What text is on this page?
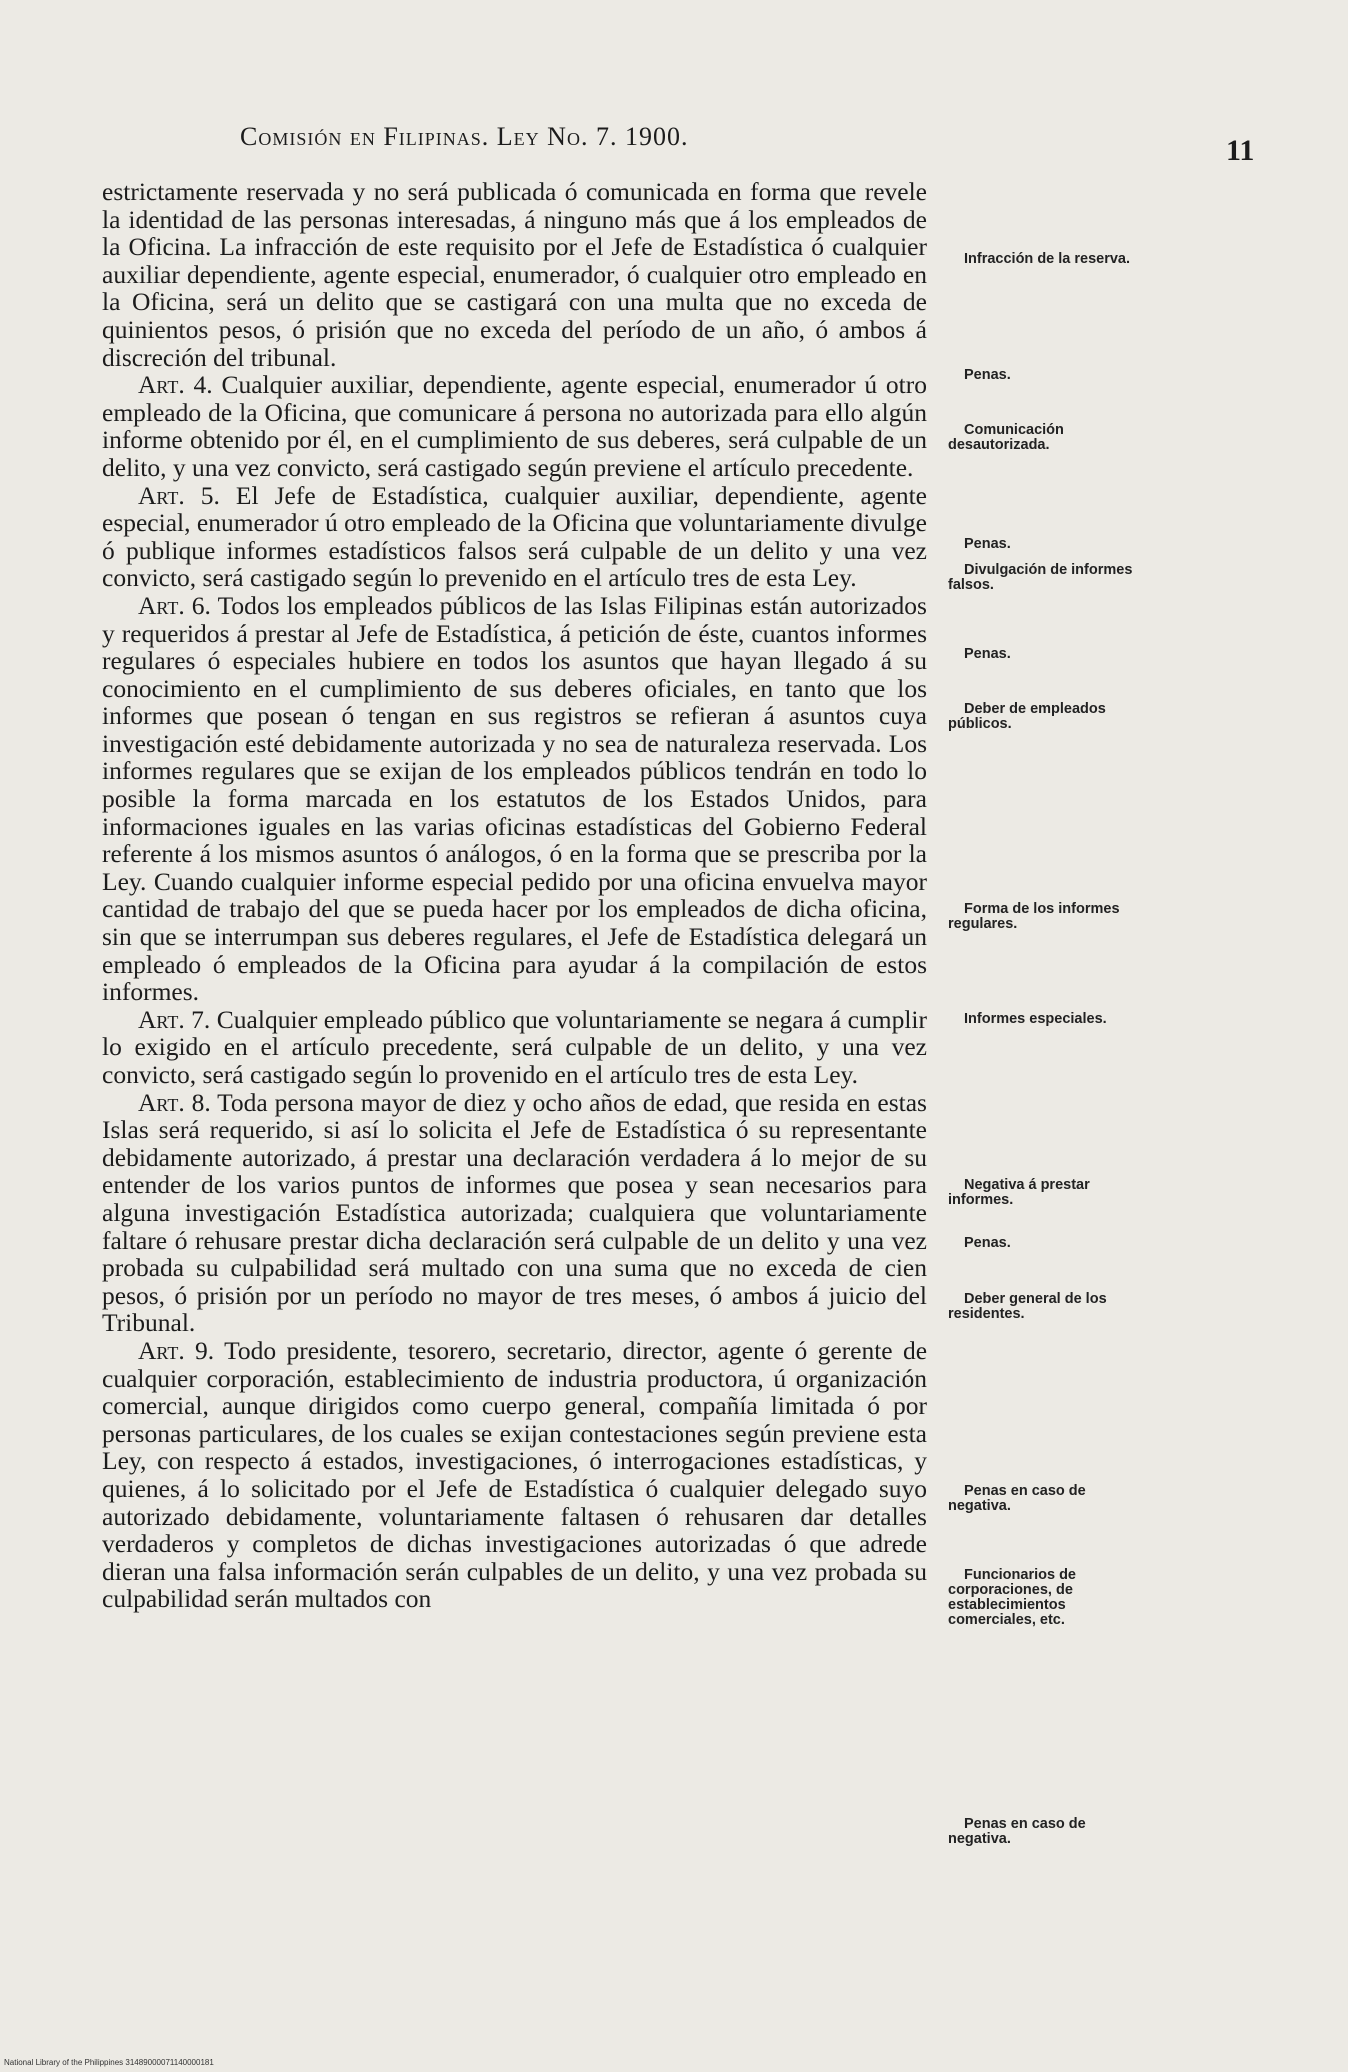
Comisión en Filipinas. Ley No. 7. 1900.	11

estrictamente reservada y no será publicada ó comunicada en forma que revele la identidad de las personas interesadas, á ninguno más que á los empleados de la Oficina. La infracción de este requisito por el Jefe de Estadística ó cualquier auxiliar dependiente, agente especial, enumerador, ó cualquier otro empleado en la Oficina, será un delito que se castigará con una multa que no exceda de quinientos pesos, ó prisión que no exceda del período de un año, ó ambos á discreción del tribunal.

Art. 4. Cualquier auxiliar, dependiente, agente especial, enumerador ú otro empleado de la Oficina, que comunicare á persona no autorizada para ello algún informe obtenido por él, en el cumplimiento de sus deberes, será culpable de un delito, y una vez convicto, será castigado según previene el artículo precedente.

Art. 5. El Jefe de Estadística, cualquier auxiliar, dependiente, agente especial, enumerador ú otro empleado de la Oficina que voluntariamente divulge ó publique informes estadísticos falsos será culpable de un delito y una vez convicto, será castigado según lo prevenido en el artículo tres de esta Ley.

Art. 6. Todos los empleados públicos de las Islas Filipinas están autorizados y requeridos á prestar al Jefe de Estadística, á petición de éste, cuantos informes regulares ó especiales hubiere en todos los asuntos que hayan llegado á su conocimiento en el cumplimiento de sus deberes oficiales, en tanto que los informes que posean ó tengan en sus registros se refieran á asuntos cuya investigación esté debidamente autorizada y no sea de naturaleza reservada. Los informes regulares que se exijan de los empleados públicos tendrán en todo lo posible la forma marcada en los estatutos de los Estados Unidos, para informaciones iguales en las varias oficinas estadísticas del Gobierno Federal referente á los mismos asuntos ó análogos, ó en la forma que se prescriba por la Ley. Cuando cualquier informe especial pedido por una oficina envuelva mayor cantidad de trabajo del que se pueda hacer por los empleados de dicha oficina, sin que se interrumpan sus deberes regulares, el Jefe de Estadística delegará un empleado ó empleados de la Oficina para ayudar á la compilación de estos informes.

Art. 7. Cualquier empleado público que voluntariamente se negara á cumplir lo exigido en el artículo precedente, será culpable de un delito, y una vez convicto, será castigado según lo provenido en el artículo tres de esta Ley.

Art. 8. Toda persona mayor de diez y ocho años de edad, que resida en estas Islas será requerido, si así lo solicita el Jefe de Estadística ó su representante debidamente autorizado, á prestar una declaración verdadera á lo mejor de su entender de los varios puntos de informes que posea y sean necesarios para alguna investigación Estadística autorizada; cualquiera que voluntariamente faltare ó rehusare prestar dicha declaración será culpable de un delito y una vez probada su culpabilidad será multado con una suma que no exceda de cien pesos, ó prisión por un período no mayor de tres meses, ó ambos á juicio del Tribunal.

Art. 9. Todo presidente, tesorero, secretario, director, agente ó gerente de cualquier corporación, establecimiento de industria productora, ú organización comercial, aunque dirigidos como cuerpo general, compañía limitada ó por personas particulares, de los cuales se exijan contestaciones según previene esta Ley, con respecto á estados, investigaciones, ó interrogaciones estadísticas, y quienes, á lo solicitado por el Jefe de Estadística ó cualquier delegado suyo autorizado debidamente, voluntariamente faltasen ó rehusaren dar detalles verdaderos y completos de dichas investigaciones autorizadas ó que adrede dieran una falsa información serán culpables de un delito, y una vez probada su culpabilidad serán multados con

Infracción de la reserva.
Penas.
Comunicación desautorizada.
Penas.
Divulgación de informes falsos.
Penas.
Deber de empleados públicos.
Forma de los informes regulares.
Informes especiales.
Negativa á prestar informes.
Penas.
Deber general de los residentes.
Penas en caso de negativa.
Funcionarios de corporaciones, de establecimientos comerciales, etc.
Penas en caso de negativa.
National Library of the Philippines 31489000071140000181
